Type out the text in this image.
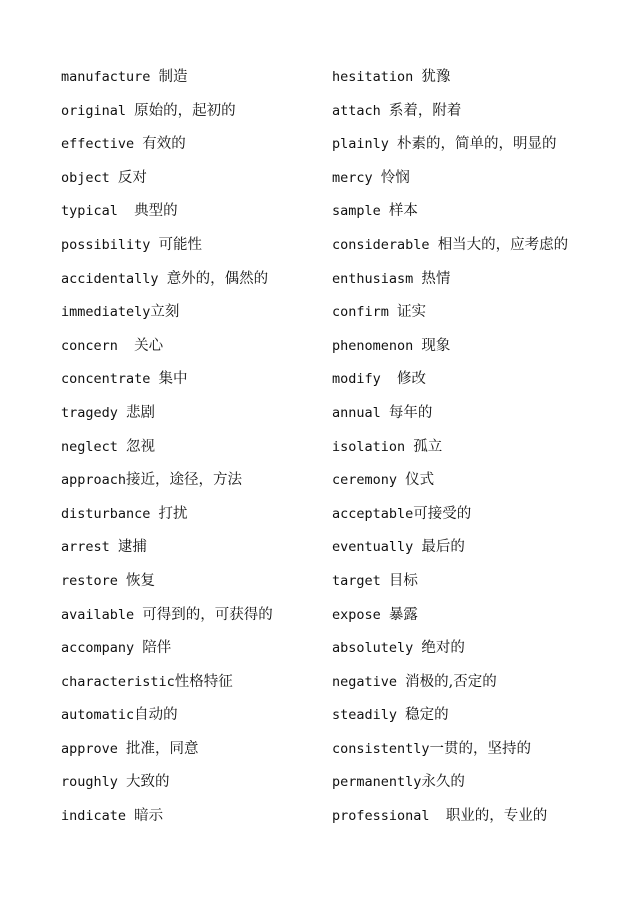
manufacture 制造
original 原始的，起初的
effective 有效的
object 反对
typical 典型的
possibility 可能性
accidentally 意外的，偶然的
immediately立刻
concern 关心
concentrate 集中
tragedy 悲剧
neglect 忽视
approach接近，途径，方法
disturbance 打扰
arrest 逮捕
restore 恢复
available 可得到的，可获得的
accompany 陪伴
characteristic性格特征
automatic自动的
approve 批准，同意
roughly 大致的
indicate 暗示
hesitation 犹豫
attach 系着，附着
plainly 朴素的，简单的，明显的
mercy 怜悯
sample 样本
considerable 相当大的，应考虑的
enthusiasm 热情
confirm 证实
phenomenon 现象
modify 修改
annual 每年的
isolation 孤立
ceremony 仪式
acceptable可接受的
eventually 最后的
target 目标
expose 暴露
absolutely 绝对的
negative 消极的,否定的
steadily 稳定的
consistently一贯的，坚持的
permanently永久的
professional 职业的，专业的
